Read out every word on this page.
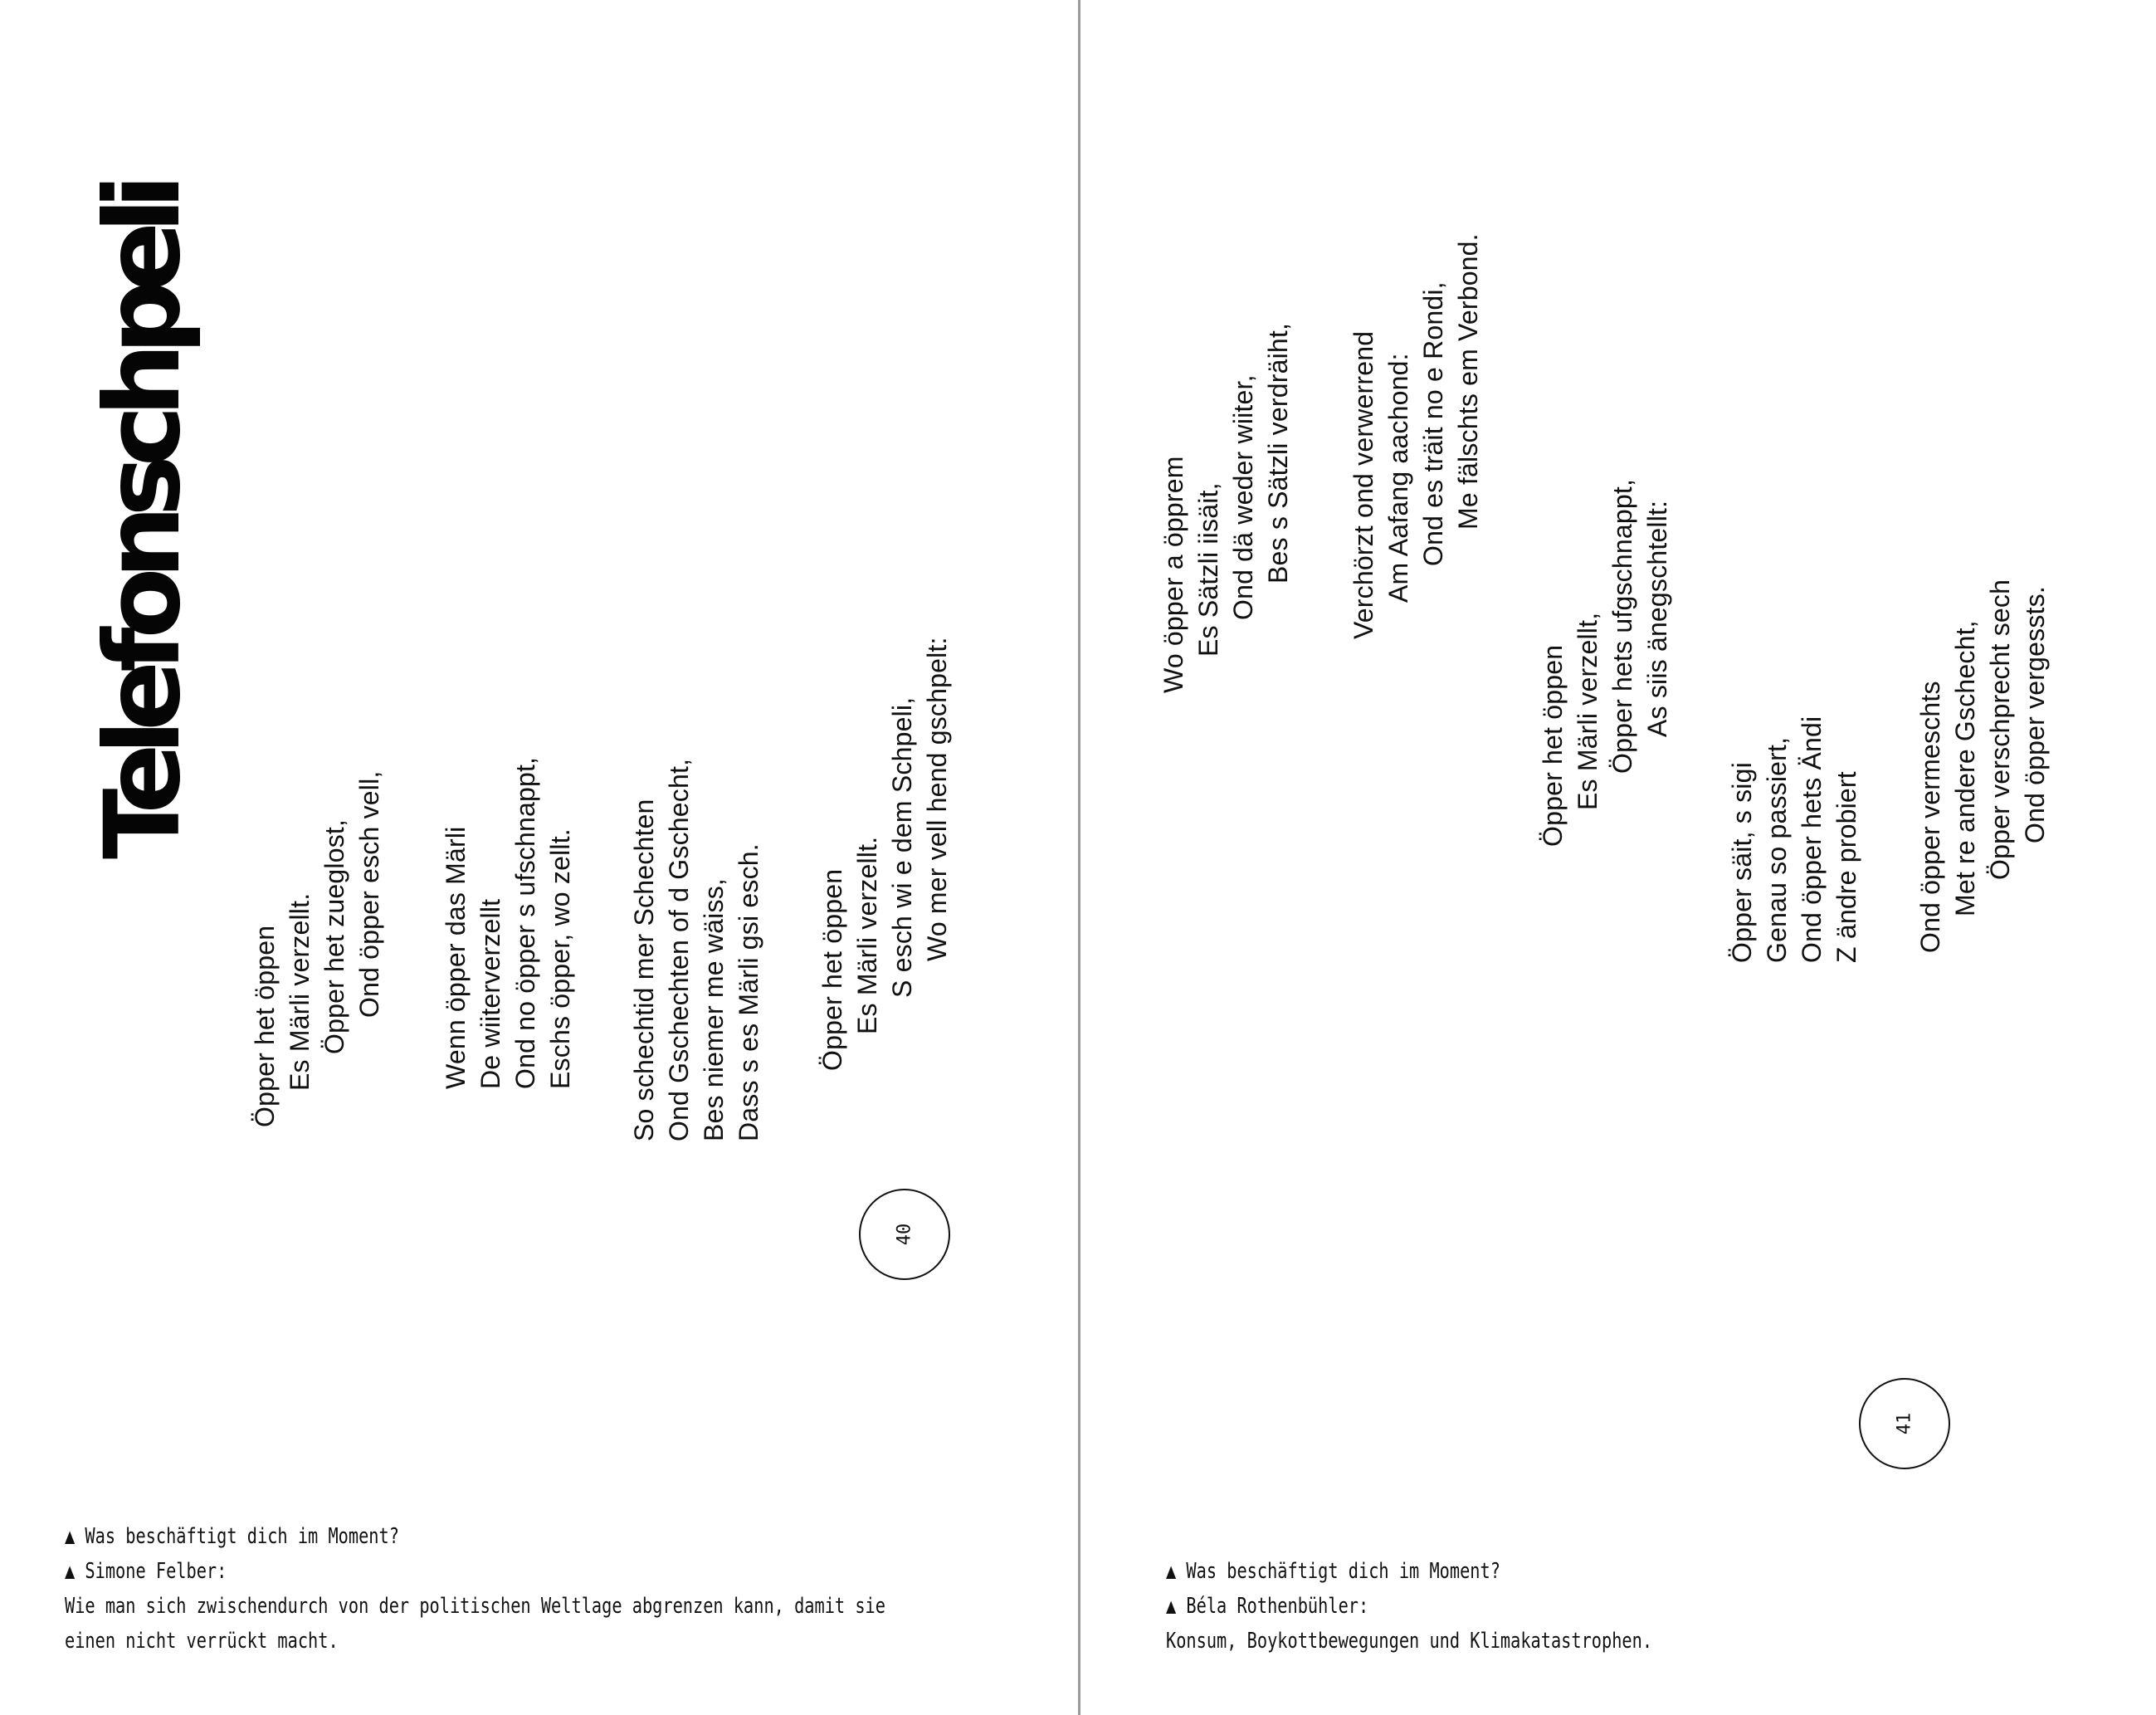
Telefonschpeli
Öpper het öppen Es Märli verzellt. Öpper het zueglost, Ond öpper esch vell, Wenn öpper das Märli De wiiterverzellt Ond no öpper s ufschnappt, Eschs öpper, wo zellt. So schechtid mer Schechten Ond Gschechten of d Gschecht, Bes niemer me wäiss, Dass s es Märli gsi esch. Öpper het öppen Es Märli verzellt. S esch wi e dem Schpeli, Wo mer vell hend gschpelt:
40
▲ Was beschäftigt dich im Moment?
▲ Simone Felber:
Wie man sich zwischendurch von der politischen Weltlage abgrenzen kann, damit sie
einen nicht verrückt macht.
Wo öpper a öpprem Es Sätzli iisäit, Ond dä weder wiiter, Bes s Sätzli verdräiht, Verchörzt ond verwerrend Am Aafang aachond: Ond es träit no e Rondi, Me fälschts em Verbond.
Öpper het öppen Es Märli verzellt, Öpper hets ufgschnappt, As siis änegschtellt:
Öpper säit, s sigi Genau so passiert, Ond öpper hets Ändi Z ändre probiert Ond öpper vermeschts Met re andere Gschecht, Öpper verschprecht sech Ond öpper vergessts.
41
▲ Was beschäftigt dich im Moment?
▲ Béla Rothenbühler:
Konsum, Boykottbewegungen und Klimakatastrophen.
